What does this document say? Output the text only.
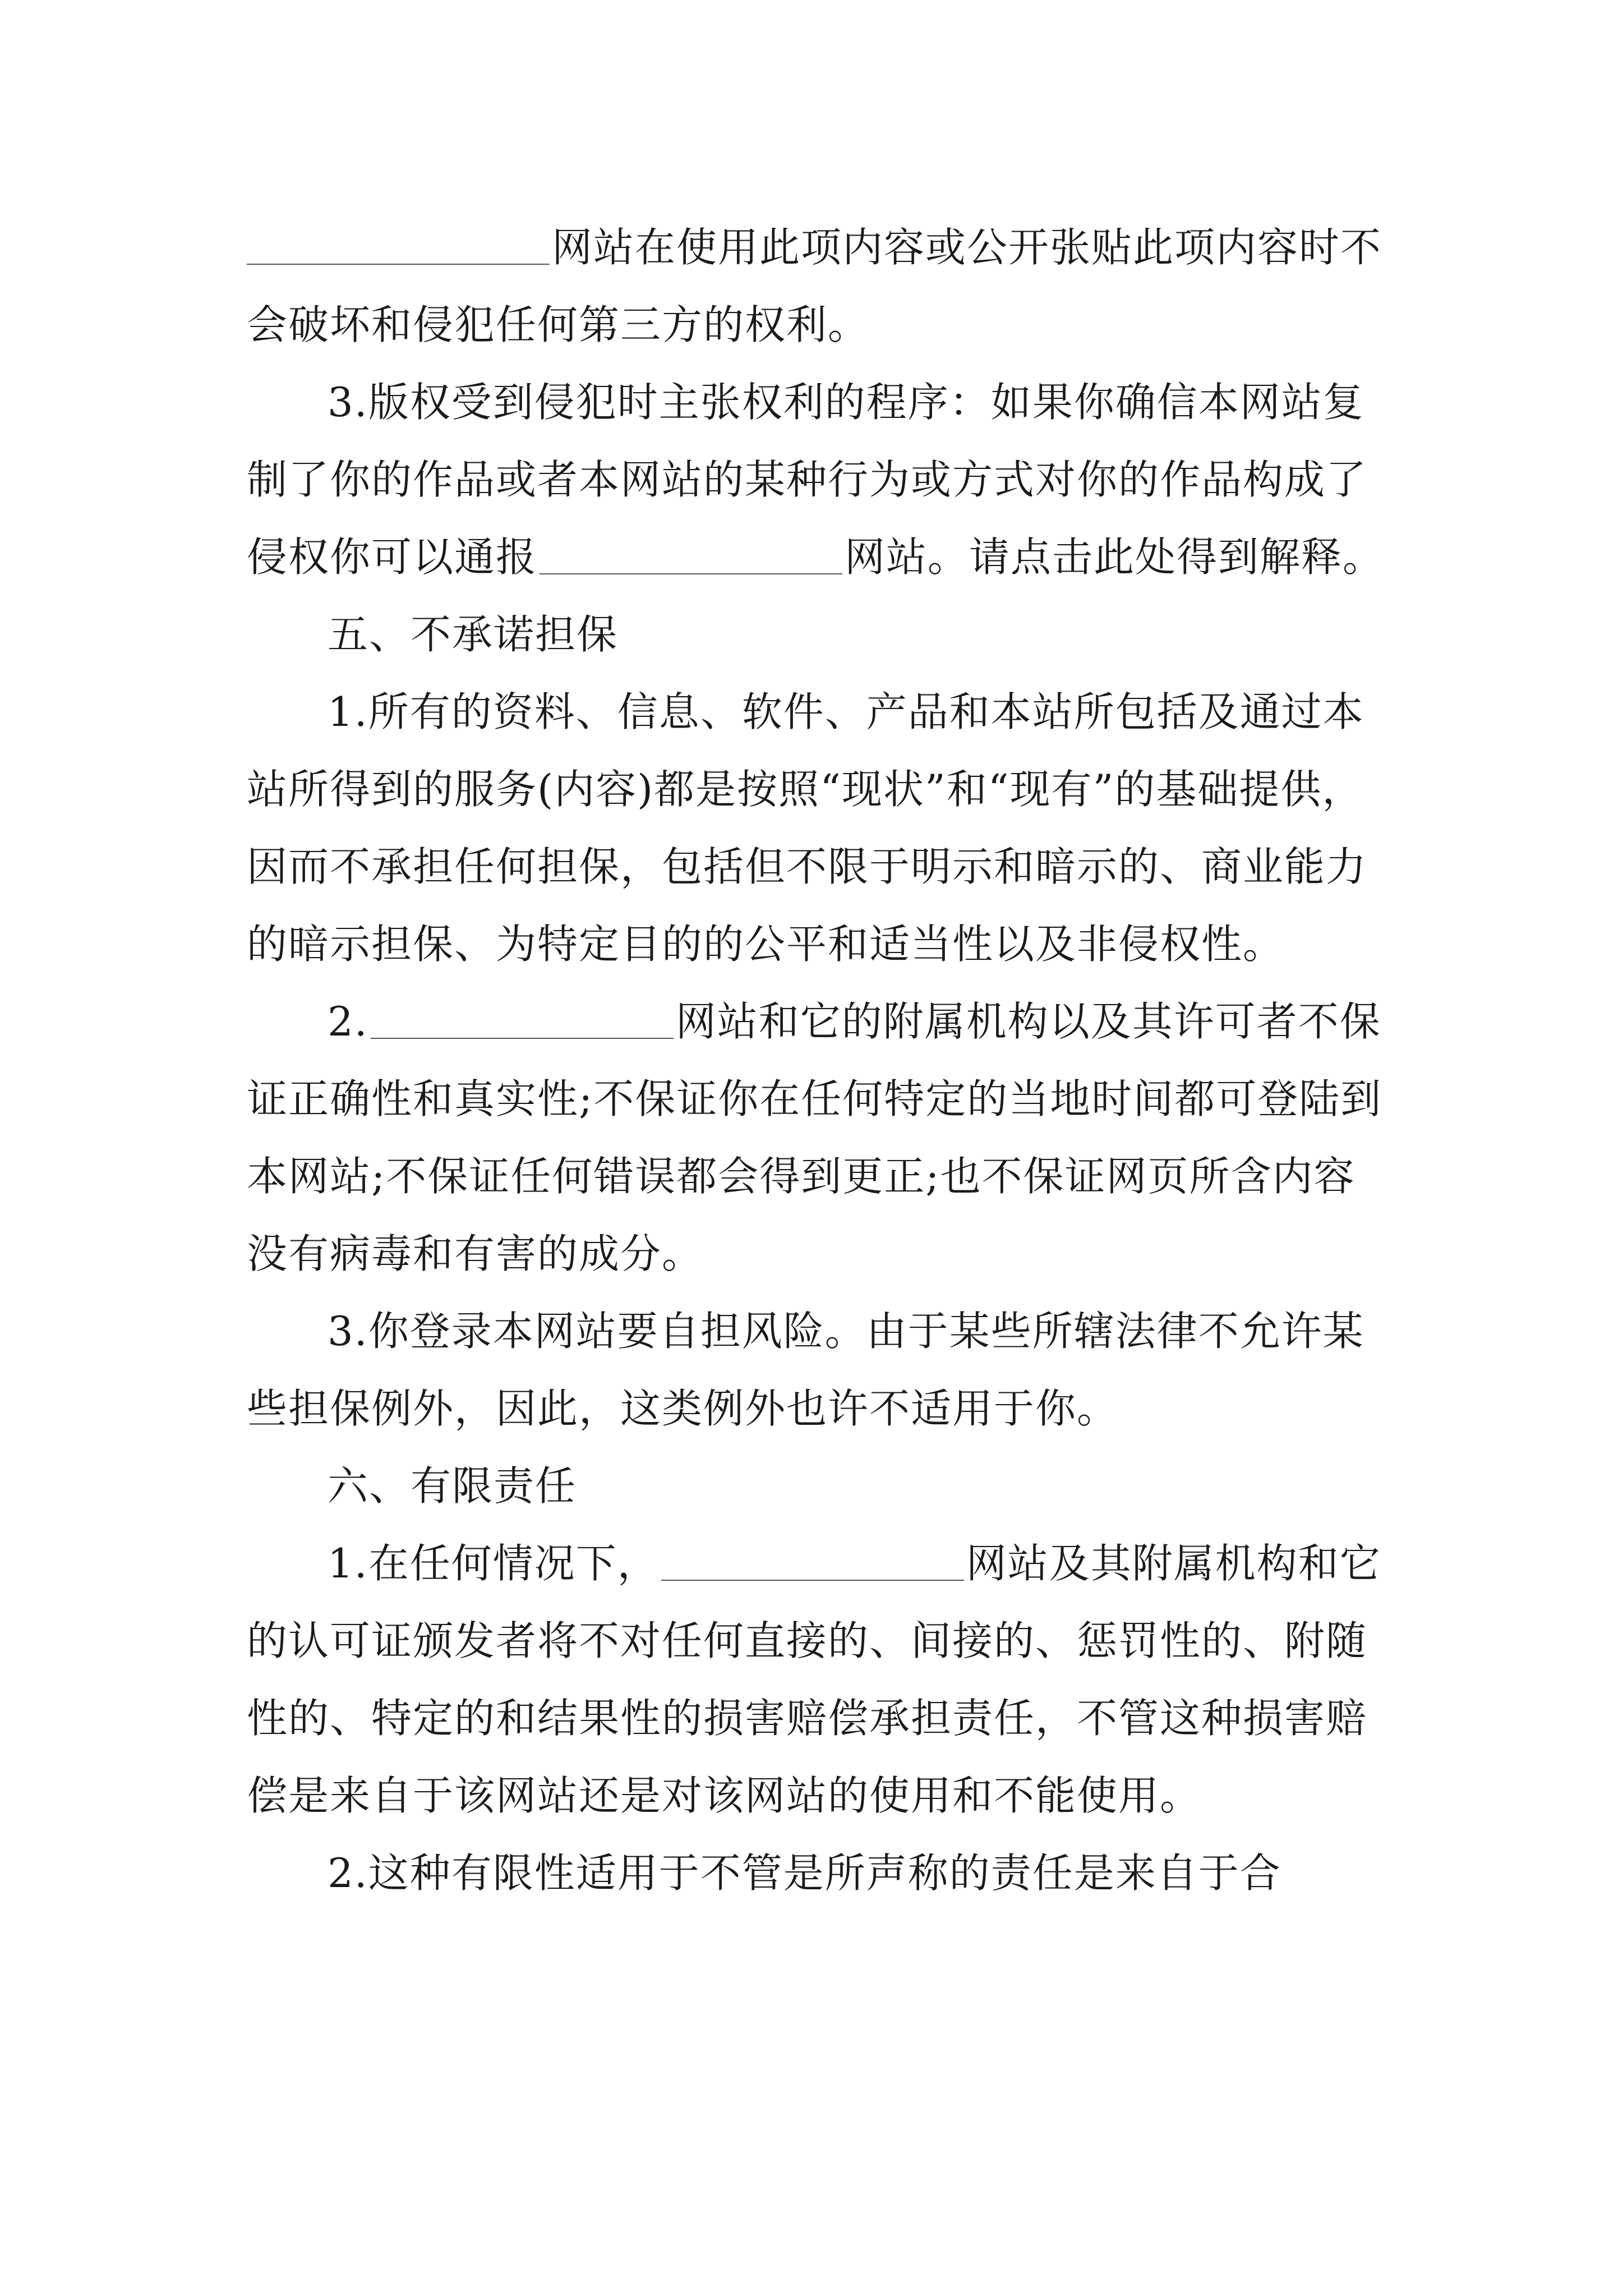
网站在使用此项内容或公开张贴此项内容时不会破坏和侵犯任何第三方的权利。

3.版权受到侵犯时主张权利的程序：如果你确信本网站复制了你的作品或者本网站的某种行为或方式对你的作品构成了侵权你可以通报	网站。请点击此处得到解释。

五、不承诺担保

1.所有的资料、信息、软件、产品和本站所包括及通过本站所得到的服务(内容)都是按照“现状”和“现有”的基础提供，因而不承担任何担保，包括但不限于明示和暗示的、商业能力的暗示担保、为特定目的的公平和适当性以及非侵权性。

2.	网站和它的附属机构以及其许可者不保证正确性和真实性;不保证你在任何特定的当地时间都可登陆到本网站;不保证任何错误都会得到更正;也不保证网页所含内容没有病毒和有害的成分。

3.你登录本网站要自担风险。由于某些所辖法律不允许某些担保例外，因此，这类例外也许不适用于你。

六、有限责任

1.在任何情况下，	网站及其附属机构和它的认可证颁发者将不对任何直接的、间接的、惩罚性的、附随性的、特定的和结果性的损害赔偿承担责任，不管这种损害赔偿是来自于该网站还是对该网站的使用和不能使用。

2.这种有限性适用于不管是所声称的责任是来自于合
